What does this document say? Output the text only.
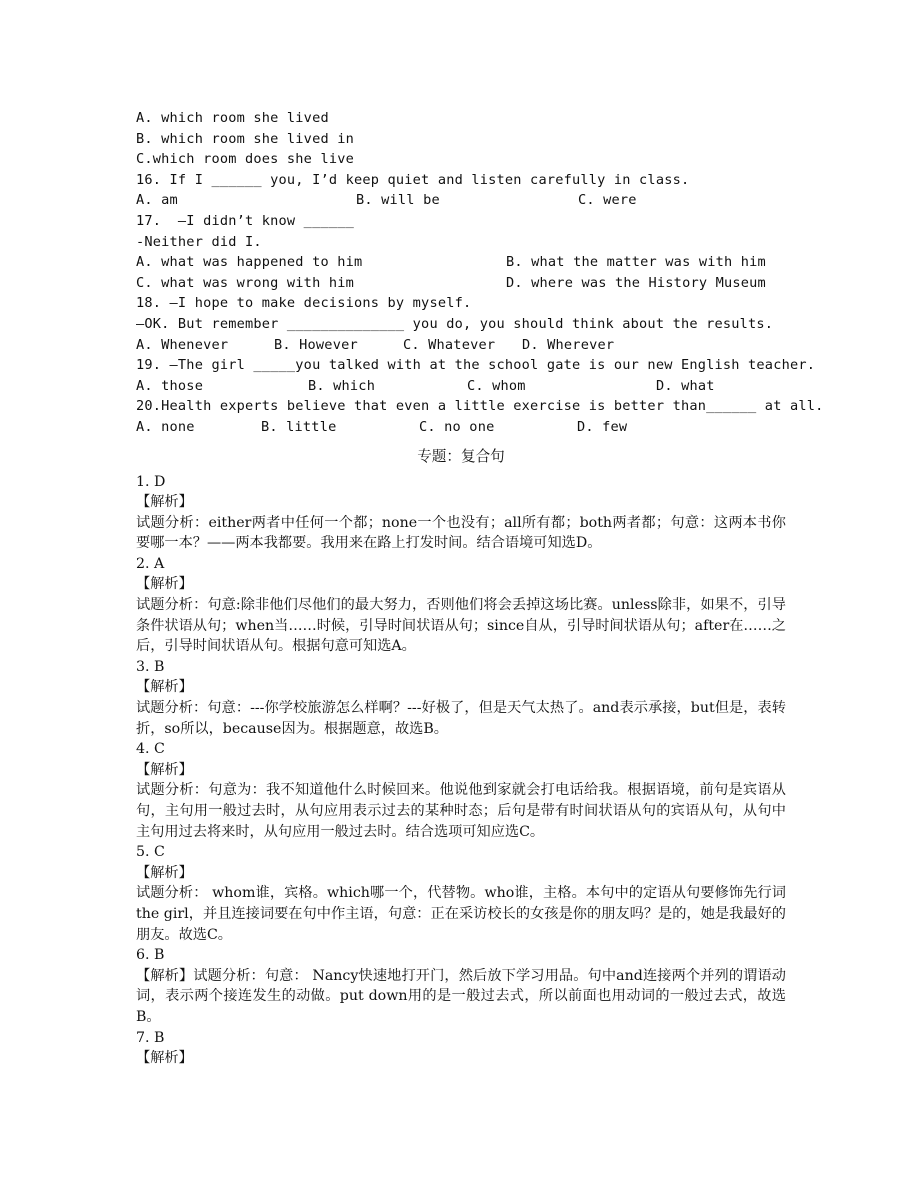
A. which room she lived
B. which room she lived in
C.which room does she live
16. If I ______ you, I’d keep quiet and listen carefully in class.

A. am

	B. will be

	C. were

17.  –I didn’t know ______
-Neither did I.

A. what was happened to him

	B. what the matter was with him

C. what was wrong with him

	D. where was the History Museum

18. —I hope to make decisions by myself.
—OK. But remember ______________ you do, you should think about the results.

A. Whenever

	B. However

	C. Whatever

D. Wherever

19. –The girl _____you talked with at the school gate is our new English teacher.

A. those

	B. which

	C. whom

	D. what

20.Health experts believe that even a little exercise is better than______ at all.

A. none

	B. little

	C. no one

	D. few

专题：复合句
1. D
【解析】

试题分析：either两者中任何一个都；none一个也没有；all所有都；both两者都；句意：这两本书你要哪一本？——两本我都要。我用来在路上打发时间。结合语境可知选D。

2. A
【解析】

试题分析：句意:除非他们尽他们的最大努力，否则他们将会丢掉这场比赛。unless除非，如果不，引导条件状语从句；when当……时候，引导时间状语从句；since自从，引导时间状语从句；after在……之后，引导时间状语从句。根据句意可知选A。

3. B
【解析】

试题分析：句意：---你学校旅游怎么样啊？---好极了，但是天气太热了。and表示承接，but但是，表转折，so所以，because因为。根据题意，故选B。

4. C
【解析】

试题分析：句意为：我不知道他什么时候回来。他说他到家就会打电话给我。根据语境，前句是宾语从句，主句用一般过去时，从句应用表示过去的某种时态；后句是带有时间状语从句的宾语从句，从句中主句用过去将来时，从句应用一般过去时。结合选项可知应选C。

5. C
【解析】

试题分析： whom谁，宾格。which哪一个，代替物。who谁，主格。本句中的定语从句要修饰先行词the girl，并且连接词要在句中作主语，句意：正在采访校长的女孩是你的朋友吗？是的，她是我最好的朋友。故选C。

6. B

【解析】试题分析：句意： Nancy快速地打开门，然后放下学习用品。句中and连接两个并列的谓语动词，表示两个接连发生的动做。put down用的是一般过去式，所以前面也用动词的一般过去式，故选B。

7. B
【解析】
